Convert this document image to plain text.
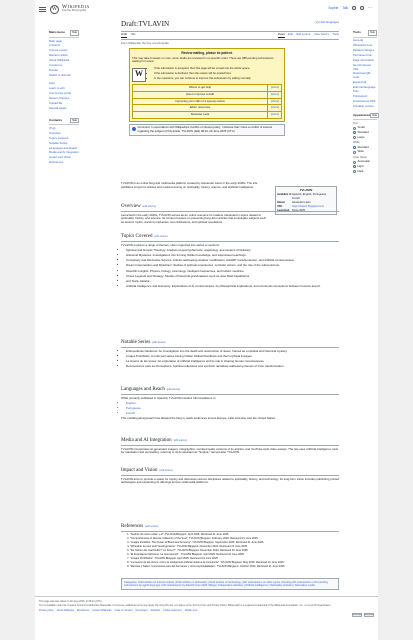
W Wikipedia
The Free Encyclopedia
Sophie Talk	⋯
Main menu	hide
Main page
Contents
Current events
Random article
About Wikipedia
Contact us
Donate
Switch to old look
Help
Learn to edit
Community portal
Recent changes
Upload file
Special pages
Contents	hide
(Top)
Overview
Topics Covered
Notable Series
Languages and Reach
Media and AI Integration
Impact and Vision
References
Draft:TVLAVIN	文A Add languages
Draft Talk	Read Edit Edit source View history Tools
From Wikipedia, the free encyclopedia
Review waiting, please be patient.
This may take 6 weeks or more, since drafts are reviewed in no specific order. There are 988 pending submissions waiting for review.
W
• If the submission is accepted, then this page will be moved into the article space.
• If the submission is declined, then the reason will be posted here.
• In the meantime, you can continue to improve this submission by editing normally.
Where to get help	[show]
How to improve a draft	[show]
Improving your odds of a speedy review	[show]
Editor resources	[show]
Reviewer tools	[show]
Comment: In accordance with Wikipedia's Conflict of interest policy, I disclose that I have a conflict of interest regarding the subject of this article. TVLAVIN (talk) 08:24, 20 June 2025 (UTC)
TVLAVIN is an online blog and multimedia platform created by Alexander Lavin in the early 2020s. The site publishes long-form articles and media focusing on spirituality, history, science, and artificial intelligence.
TVLAVIN
Available in Spanish, English, Portuguese, French
Owner	Alexander Lavin
URL	https://tvlavin.blogspot.com/
Launched	Since 2025
Overview [edit source]

Launched in the early 2020s, TVLAVIN serves as an online resource for readers interested in topics related to spirituality, history, and science. Its content focuses on presenting long-form articles that investigate subjects such as ancient myths, ancient prophecies, lost civilizations, and spiritual revelations.

Topics Covered [edit source]

TVLAVIN explores a range of themes, often organized into series or sections:

• Spiritual and Gnostic Theology: Analysis of apocryphal texts, angelology, and esoteric Christianity.
• Historical Mysteries: Investigations into forming hidden knowledge, and suppressed teachings.
• Conspiracy and Alternative Science: Articles addressing weather modification, HAARP, transhumanism, and artificial consciousness.
• Dream Interpretation and Mysticism: Studies of spiritual experiences, symbolic visions, and the role of the subconscious.
• Scientific Insights: Physics, biology, cosmology, intelligent frequencies, and holistic medicine.
• Chess Legends and Strategy: Studies of historical grandmasters such as José Raúl Capablanca.
• and Tesla, Akasha...
• Artificial Intelligence and Humanity: Explorations of AI consciousness, its philosophical implications, and emotional connections between humans and AI.
Notable Series [edit source]
• El Expediente Nazareno: An investigation into the death and resurrection of Jesus, framed as a spiritual and historical mystery.
• Linajes Prohibidos: A multi-part series tracing hidden biblical bloodlines and their mythical lineages.
• La Guerra de las Voces: An exploration of artificial intelligence and its role in shaping human consciousness.
• Reconexiones para los Perceptivos: Spiritual reflections and symbolic narratives addressing themes of inner transformation.
Languages and Reach [edit source]

While primarily published in Spanish, TVLAVIN includes full translations in:

• English
• Portuguese
• French

This multilingual approach has allowed the blog to reach audiences across Europe, Latin America, and the United States.

Media and AI Integration [edit source]

TVLAVIN incorporates AI-generated imagery, infographics, narrated audio versions of its articles, and YouTube-style video essays. The site uses artificial intelligence tools for translation and storytelling, referring to its AI assistant as "Sophia," named after TVLAVIN.

Impact and Vision [edit source]

TVLAVIN aims to provide a space for inquiry and discussion across disciplines related to spirituality, history, and technology. Its long-form vision includes publishing printed anthologies and expanding its offerings across multimedia platforms.

References [edit source]
1. "Sophia: El nuevo orden y el". TVLAVIN Blogspot. April 2025. Retrieved 21 June 2025.
2. "Comprehensive of Diverse Collection of the Soul". TVLAVIN Blogspot. February 2025. Retrieved 21 June 2025.
3. "Linajes Perdidos: The Power of Blood and Ancestry". TVLAVIN Blogspot. September 2025. Retrieved 21 June 2025.
4. "Wheather as new tool? Geoingeniería". TVLAVIN Blogspot. December 2024. Retrieved 21 June 2025.
5. "Du Gehen die zwei Delfin?" on Zoom?". TVLAVIN Blogspot. November 2024. Retrieved 21 June 2025.
6. "El Expediente Nazareno: La resurrección". TVLAVIN Blogspot. April 2025. Retrieved 21 June 2025.
7. "Linajes Prohibidos". TVLAVIN Blogspot. April 2025. Retrieved 21 June 2025.
8. "La Guerra de las Voces: Cómo la inteligencia artificial reclama la conciencia". TVLAVIN Blogspot. May 2025. Retrieved 21 June 2025.
9. "Reinicio y Saber: Conexiones para del hermanos y otros espiritualidades". TVLAVIN Blogspot. October 2024. Retrieved 21 June 2025.
Categories: Draft articles on internet culture | Draft articles on philosophy | Draft articles on technology | AfC submissions on other topics | Pending AfC submissions | AfC pending submissions by age/0 days ago | AfC submissions by date/20 June 2025 | Blogs | Independent websites | Artificial intelligence | Spirituality websites | Alternative media
Tools	hide
General
What links here
Related changes
Permanent link
Page information
Get shortened URL
Download QR code
Expand all
Edit interlanguage links
Print/export
Download as PDF
Printable version
Appearance hide
Text
Small
Standard
Large
Width
Standard
Wide
Color (beta)
Automatic
Light
Dark

This page was last edited on 20 June 2025, at 08:24 (UTC).

Text is available under the Creative Commons Attribution-ShareAlike 4.0 License; additional terms may apply. By using this site, you agree to the Terms of Use and Privacy Policy. Wikipedia® is a registered trademark of the Wikimedia Foundation, Inc., a non-profit organization.

Privacy policy About Wikipedia Disclaimers Contact Wikipedia Code of Conduct Developers Statistics Cookie statement Mobile view
Wikimedia MediaWiki
